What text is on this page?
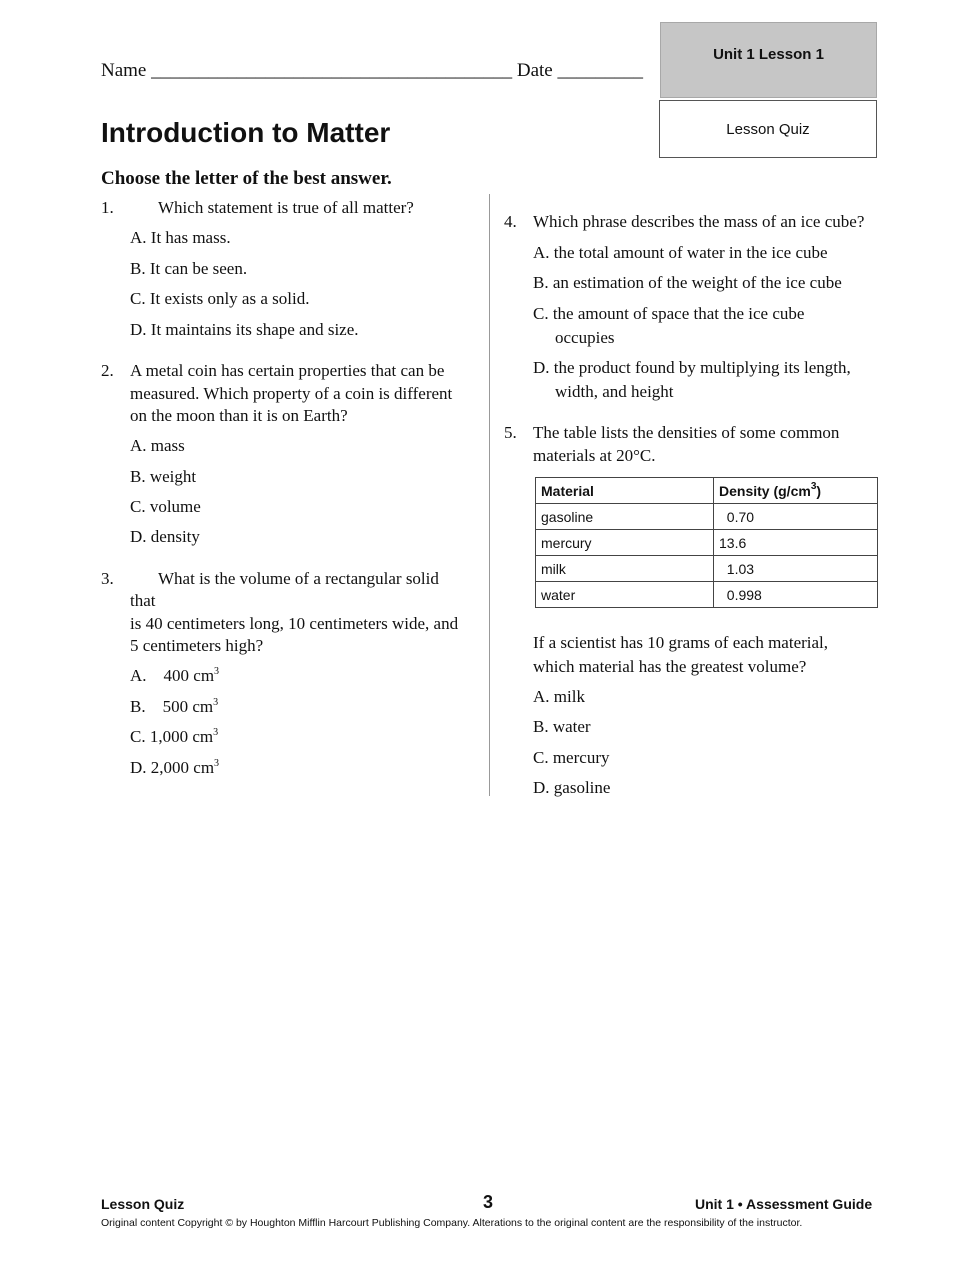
Name ______________________________________ Date _________
Unit 1 Lesson 1
Lesson Quiz
Introduction to Matter
Choose the letter of the best answer.
1.	Which statement is true of all matter?
A. It has mass.
B. It can be seen.
C. It exists only as a solid.
D. It maintains its shape and size.
2. A metal coin has certain properties that can be
measured. Which property of a coin is different
on the moon than it is on Earth?
A. mass
B. weight
C. volume
D. density
3.	What is the volume of a rectangular solid
that
is 40 centimeters long, 10 centimeters wide, and
5 centimeters high?
A.    400 $cm^3$
B.    500 $cm^3$
C. 1,000 $cm^3$
D. 2,000 $cm^3$
4. Which phrase describes the mass of an ice cube?
A. the total amount of water in the ice cube
B. an estimation of the weight of the ice cube
C. the amount of space that the ice cube
occupies
D. the product found by multiplying its length,
width, and height
5. The table lists the densities of some common
materials at 20°C.
Material	Density $(g/cm^3)$
gasoline	0.70
mercury	13.6
milk	1.03
water	0.998
If a scientist has 10 grams of each material,
which material has the greatest volume?
A. milk
B. water
C. mercury
D. gasoline
Lesson Quiz	3	Unit 1 • Assessment Guide
Original content Copyright © by Houghton Mifflin Harcourt Publishing Company. Alterations to the original content are the responsibility of the instructor.
